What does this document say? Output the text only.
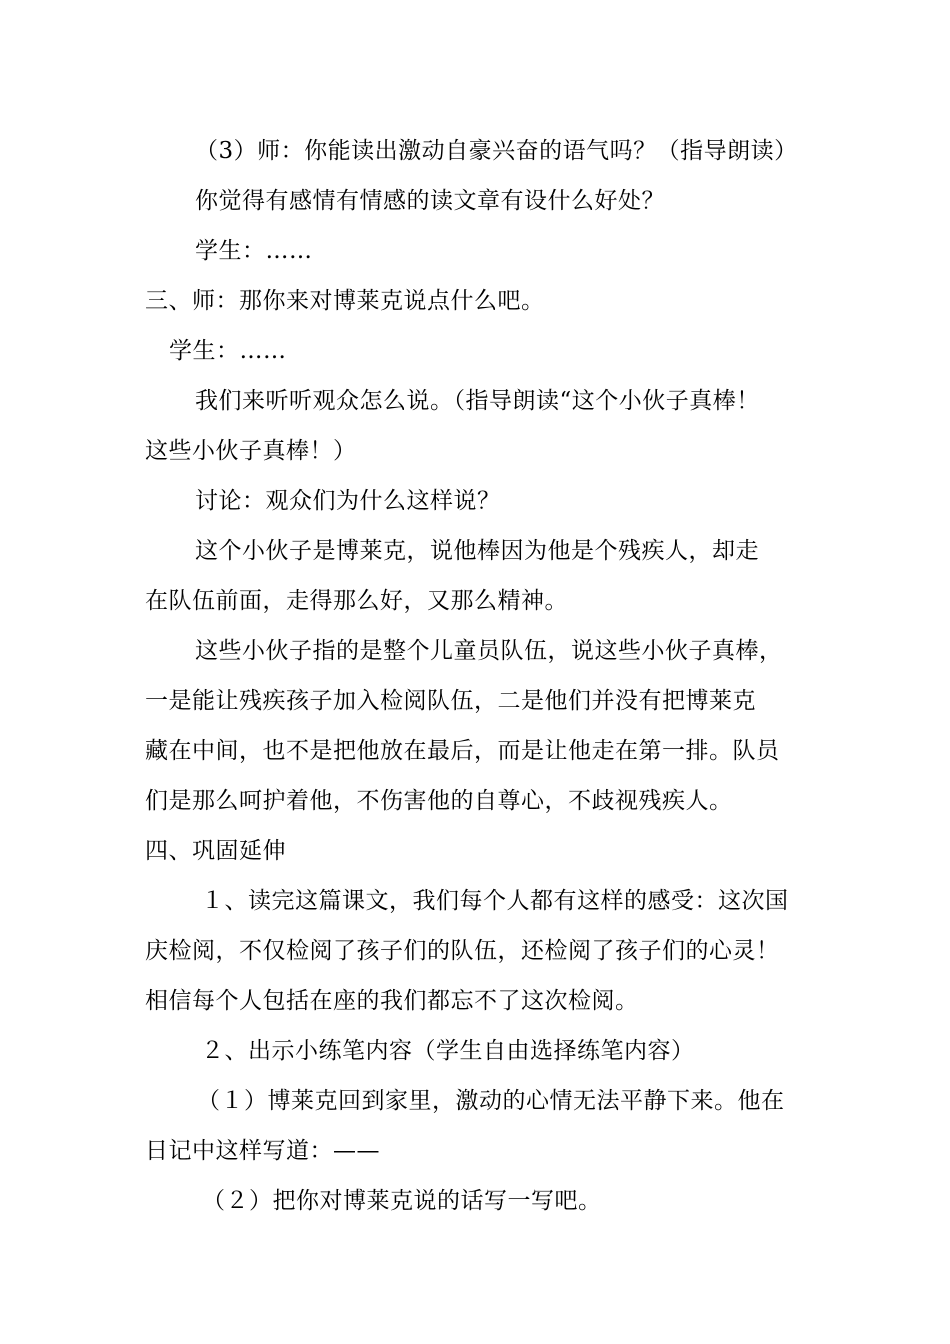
（3）师：你能读出激动自豪兴奋的语气吗？（指导朗读）
你觉得有感情有情感的读文章有设什么好处？
学生：……
三、师：那你来对博莱克说点什么吧。
学生：……
我们来听听观众怎么说。（指导朗读“这个小伙子真棒！
这些小伙子真棒！）
讨论：观众们为什么这样说？
这个小伙子是博莱克，说他棒因为他是个残疾人，却走
在队伍前面，走得那么好，又那么精神。
这些小伙子指的是整个儿童员队伍，说这些小伙子真棒，
一是能让残疾孩子加入检阅队伍，二是他们并没有把博莱克
藏在中间，也不是把他放在最后，而是让他走在第一排。队员
们是那么呵护着他，不伤害他的自尊心，不歧视残疾人。
四、巩固延伸
１、读完这篇课文，我们每个人都有这样的感受：这次国
庆检阅，不仅检阅了孩子们的队伍，还检阅了孩子们的心灵！
相信每个人包括在座的我们都忘不了这次检阅。
２、出示小练笔内容（学生自由选择练笔内容）
（１）博莱克回到家里，激动的心情无法平静下来。他在
日记中这样写道：——
（２）把你对博莱克说的话写一写吧。
